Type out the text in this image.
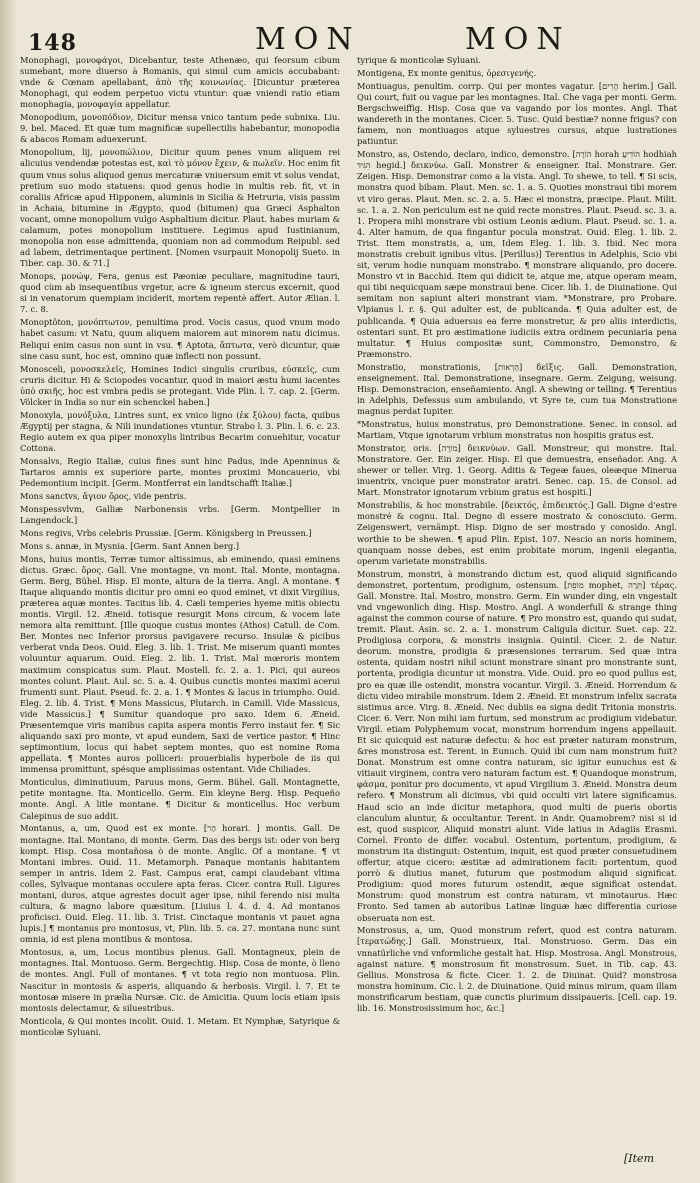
148	MON	MON

Monophagi, μονοφάγοι, Dicebantur, teste Athenæo, qui feorsum cibum sumebant, more diuerso à Romanis, qui simul cum amicis accubabant: vnde & Cœnam apellabant, ἀπὸ τῆς κοινωνίας. [Dicuntur præterea Monophagi, qui eodem perpetuo victu vtuntur: quæ vniendi ratio etiam monophagia, μονοφαγία appellatur.

Monopodium, μονοπόδιον, Dicitur mensa vnico tantum pede subnixa. Liu. 9. bel. Maced. Et quæ tum magnificæ supellectilis habebantur, monopodia & abacos Romam aduexerunt.

Monopolium, lij, μονοπώλιον, Dicitur quum penes vnum aliquem rei alicuius vendendæ potestas est, καὶ τὸ μόνον ἔχειν, & πωλεῖν. Hoc enim fit quum vnus solus aliquod genus mercaturæ vniuersum emit vt solus vendat, pretium suo modo statuens: quod genus hodie in multis reb. fit, vt in coraliis Africæ apud Hipponem, aluminis in Sicilia & Hetruria, visis passim in Achaia, bitumine in Ægypto, quod (bitumen) qua Græci Asphalton vocant, omne monopolium vulgo Asphaltium dicitur. Plaut. habes muriam & calamum, potes monopolium instituere. Legimus apud Iustinianum, monopolia non esse admittenda, quoniam non ad commodum Reipubl. sed ad labem, detrimentaque pertinent. [Nomen vsurpauit Monopolij Sueto. in Tiber. cap. 30. & 71.]

Monops, μονώψ, Fera, genus est Pæoniæ peculiare, magnitudine tauri, quod cùm ab insequentibus vrgetur, acre & igneum stercus excernit, quod si in venatorum quempiam inciderit, mortem repentè affert. Autor Ælian. l. 7. c. 8.

Monoptôton, μονόπτωτον, penultima prod. Vocis casus, quod vnum modo habet casum: vt Natu, quum aliquem maiorem aut minorem natu dicimus. Reliqui enim casus non sunt in vsu. ¶ Aptota, ἄπτωτα, verò dicuntur, quæ sine casu sunt, hoc est, omnino quæ inflecti non possunt.

Monosceli, μονοσκελεῖς, Homines Indici singulis cruribus, εὐσκεῖς, cum cruris dicitur. Hi & Sciopodes vocantur, quod in maiori æstu humi iacentes ὑπὸ σκιῆς, hoc est vmbra pedis se protegant. Vide Plin. l. 7. cap. 2. [Germ. Völcker in India so nur ein schenckel haben.]

Monoxyla, μονόξυλα, Lintres sunt, ex vnico ligno (ἐκ ξύλου) facta, quibus Ægyptij per stagna, & Nili inundationes vtuntur. Strabo l. 3. Plin. l. 6. c. 23. Regio autem ex qua piper monoxylis lintribus Becarim conuehitur, vocatur Cottona.

Monsalvs, Regio Italiæ, cuius fines sunt hinc Padus, inde Apenninus & Tartaros amnis ex superiore parte, montes proximi Moncauerio, vbi Pedemontium incipit. [Germ. Montferrat ein landtschafft Italiæ.]

Mons sanctvs, ἅγιον ὄρος, vide pentris.

Monspessvlvm, Galliæ Narbonensis vrbs. [Germ. Montpellier in Langendock.]

Mons regivs, Vrbs celebris Prussiæ. [Germ. Königsberg in Preussen.]

Mons s. annæ, in Mysnia. [Germ. Sant Annen berg.]

Mons, huius montis, Terræ tumor altissimus, ab eminendo, quasi eminens dictus. Græc. ὄρος. Gall. Vne montagne, vn mont. Ital. Monte, montagna. Germ. Berg, Bühel. Hisp. El monte, altura de la tierra. Angl. A montane. ¶ Itaque aliquando montis dicitur pro omni eo quod eminet, vt dixit Virgilius, præterea aquæ montes. Tacitus lib. 4. Cæli temperies hyeme mitis obiectu montis. Virgil. 12. Æneid. totisque resurgit Mons circum, & vocem late nemora alta remittunt. [Ille quoque custus montes (Athos) Catull. de Com. Ber. Montes nec Inferior prorsus pavigavere recurso. Insulæ & picibus verberat vnda Deos. Ouid. Eleg. 3. lib. 1. Trist. Me miserum quanti montes voluuntur aquarum. Ouid. Eleg. 2. lib. 1. Trist. Mal mœroris montem maximum conspicatus sum. Plaut. Mostell. fc. 2. a. 1. Pici, qui aureos montes colunt. Plaut. Aul. sc. 5. a. 4. Quibus cunctis montes maximi acerui frumenti sunt. Plaut. Pseud. fc. 2. a. 1. ¶ Montes & lacus in triumpho. Ouid. Eleg. 2. lib. 4. Trist. ¶ Mons Massicus, Plutarch. in Camill. Vide Massicus, vide Massicus.] ¶ Sumitur quandoque pro saxo. Idem 6. Æneid. Præsentemque viris manibus capita aspera montis Ferro instaut fer. ¶ Sic aliquando saxi pro monte, vt apud eundem, Saxi de vertice pastor. ¶ Hinc septimontium, locus qui habet septem montes, quo est nomine Roma appellata. ¶ Montes auros polliceri: prouerbialis hyperbole de iis qui immensa promittunt, spésque amplissimas ostentant. Vide Chiliades.

Monticulus, diminutiuum, Paruus mons, Germ. Bühel. Gall. Montagnette, petite montagne. Ita. Monticello. Germ. Ein kleyne Berg. Hisp. Pequeño monte. Angl. A litle montane. ¶ Dicitur & monticellus. Hoc verbum Calepinus de suo addit.

Montanus, a, um, Quod est ex monte. [הַר horari. ] montis. Gall. De montagne. Ital. Montano, di monte. Germ. Das des bergs ist: oder von berg kompt. Hisp. Cosa montañosa ò de monte. Anglic. Of a montane. ¶ vt Montani imbres. Ouid. 11. Metamorph. Panaque montanis habitantem semper in antris. Idem 2. Fast. Campus erat, campi claudebant vltima colles, Sylvaque montanas occulere apta feras. Cicer. contra Rull. Ligures montani, duros, atque agrestes docuit ager ipse, nihil ferendo nisi multa cultura, & magno labore quæsitum. [Liuius l. 4. d. 4. Ad montanos proficisci. Ouid. Eleg. 11. lib. 3. Trist. Cinctaque montanis vt pauet agna lupis.] ¶ montanus pro montosus, vt, Plin. lib. 5. ca. 27. montana nunc sunt omnia, id est plena montibus & montosa.

Montosus, a, um, Locus montibus plenus. Gall. Montagneux, plein de montagnes. Ital. Montuoso. Germ. Bergechtig. Hisp. Cosa de monte, ò lleno de montes. Angl. Full of montanes. ¶ vt tota regio non montuosa. Plin. Nascitur in montosis & asperis, aliquando & herbosis. Virgil. l. 7. Et te montosæ misere in prælia Nursæ. Cic. de Amicitia. Quum locis etiam ipsis montosis delectamur, & siluestribus.

Monticola, & Qui montes incolit. Ouid. 1. Metam. Et Nymphæ, Satyrique & monticolæ Syluani.

tyrique & monticolæ Syluani.

Montigena, Ex monte genitus, ὀρεσιγενής.

Montiuagus, penultim. corrp. Qui per montes vagatur. [הָרִים herim.] Gall. Qui court, fuit ou vague par les montagnes. Ital. Che vaga per monti. Germ. Bergschweiffig. Hisp. Cosa que va vagando por los montes. Angl. That wandereth in the montanes. Cicer. 5. Tusc. Quid bestiæ? nonne frigus? con famem, non montiuagos atque syluestres cursus, atque lustrationes patiuntur.

Monstro, as, Ostendo, declaro, indico, demonstro. [הוֹרָה horah הוֹדִיעַ hodhiah הִגִּיד hegid.] δεικνύω. Gall. Monstrer & enseigner. Ital. Monstrare. Ger. Zeigen. Hisp. Demonstrar como a la vista. Angl. To shewe, to tell. ¶ Si scis, monstra quod bibam. Plaut. Men. sc. 1. a. 5. Quoties monstraui tibi morem vt viro geras. Plaut. Men. sc. 2. a. 5. Hæc ei monstra, præcipe. Plaut. Milit. sc. 1. a. 2. Non periculum est ne quid recte monstres. Plaut. Pseud. sc. 3. a. 1. Propera mihi monstrare vbi ostium Leonis ædium. Plaut. Pseud. sc. 1. a. 4. Alter hamum, de qua fingantur pocula monstrat. Ouid. Eleg. 1. lib. 2. Trist. Item monstratis, a, um, Idem Eleg. 1. lib. 3. Ibid. Nec mora monstratis crebuit ignibus vltus. [Perillus)] Terentius in Adelphis, Scio vbi sit, verum hodie nunquam monstrabo. ¶ monstrare aliquando, pro docere. Monstro vt in Bacchid. Item qui didicit te, atque me, atque operam meam, qui tibi nequicquam sæpe monstraui bene. Cicer. lib. 1. de Diuinatione. Qui semitam non sapiunt alteri monstrant viam. *Monstrare, pro Probare. Vlpianus l. r. §. Qui adulter est, de publicanda. ¶ Quia adulter est, de publicanda. ¶ Quia aduersus ea ferre monstretur, & pro aliis interdictis, ostentari sunt. Et pro æstimatione iudiciis extra ordinem pecuniaria pena multatur. ¶ Huius compositæ sunt, Commonstro, Demonstro, & Præmonstro.

Monstratio, monstrationis, [הַרְאוֹת] δεῖξις. Gall. Demonstration, enseignement. Ital. Demonstratione, insegnare. Germ. Zeigung, weisung. Hisp. Demonstracion, enseñamiento. Angl. A shewing or telling. ¶ Terentius in Adelphis, Defessus sum ambulando, vt Syre te, cum tua Monstratione magnus perdat Iupiter.

*Monstratus, huius monstratus, pro Demonstratione. Senec. in consol. ad Martiam, Vtque ignotarum vrbium monstratus non hospitis gratus est.

Monstrator, oris. [מוֹרֶה] δεικνύων. Gall. Monstreur, qui monstre. Ital. Monstratore. Ger. Ein zeiger. Hisp. El que demuestra, enseñador. Ang. A shewer or teller. Virg. 1. Georg. Aditis & Tegeæ faues, oleæque Minerua inuentrix, vncique puer monstrator aratri. Senec. cap. 15. de Consol. ad Mart. Monstrator ignotarum vrbium gratus est hospiti.]

Monstrabilis, & hoc monstrabile. [δεικτός, ἐπιδεικτός.] Gall. Digne d'estre monstré & cognu. Ital. Degno di essere mostrato & conosciuto. Germ. Zeigenswert, vernämpt. Hisp. Digno de ser mostrado y conosido. Angl. worthie to be shewen. ¶ apud Plin. Epist. 107. Nescio an noris hominem, quanquam nosse debes, est enim probitate morum, ingenii elegantia, operum varietate monstrabilis.

Monstrum, monstri, à monstrando dictum est, quod aliquid significando demonstret, portentum, prodigium, ostensum. [מוֹפֵת mophet, תֵּרָה] τέρας. Gall. Monstre. Ital. Mostro, monstro. Germ. Ein wunder ding, ein vngestalt vnd vngewonlich ding. Hisp. Mostro. Angl. A wonderfull & strange thing against the common course of nature. ¶ Pro monstro est, quando qui sudat, tremit. Plaut. Asin. sc. 2. a. 1. monstrum Caligula dicitur. Suet. cap. 22. Prodigiosa corpora, & monstris insignia. Quintil. Cicer. 2. de Natur. deorum. monstra, prodigia & præsensiones terrarum. Sed quæ intra ostenta, quidam nostri nihil sciunt monstrare sinant pro monstrante sunt, portenta, prodigia dicuntur ut monstra. Vide. Ouid. pro eo quod pullus est, pro ea quæ ille ostendit, monstra vocantur. Virgil. 3. Æneid. Horrendum & dictu video mirabile monstrum. Idem 2. Æneid. Et monstrum infelix sacrata sistimus arce. Virg. 8. Æneid. Nec dubiis ea signa dedit Tritonia monstris. Cicer. 6. Verr. Non mihi iam furtum, sed monstrum ac prodigium videbatur. Virgil. etiam Polyphemum vocat, monstrum horrendum ingens appellauit. Et sic quicquid est naturæ defectu: & hoc est præter naturam monstrum, &res monstrosa est. Terent. in Eunuch. Quid ibi cum nam monstrum fuit? Donat. Monstrum est omne contra naturam, sic igitur eunuchus est & vitiauit virginem, contra vero naturam factum est. ¶ Quandoque monstrum, φάσμα, ponitur pro documento, vt apud Virgilium 3. Æneid. Monstra deum refero. ¶ Monstrum ali dicimus, vbi quid occulti viri latere significamus. Haud scio an inde dicitur metaphora, quod multi de pueris obortis clanculum aluntur, & occultantur. Terent. in Andr. Quamobrem? nisi si id est, quod suspicor, Aliquid monstri alunt. Vide latius in Adagiis Erasmi. Cornel. Fronto de differ. vocabul. Ostentum, portentum, prodigium, & monstrum ita distinguit: Ostentum, inquit, est quod præter consuetudinem offertur, atque cicero: æstitæ ad admirationem facit: portentum, quod porrò & diutius manet, futurum que postmodum aliquid significat. Prodigium: quod mores futurum ostendit, æque significat ostendat. Monstrum: quod monstrum est contra naturam, vt minotaurus. Hæc Fronto. Sed tamen ab autoribus Latinæ linguæ hæc differentia curiose obseruata non est.

Monstrosus, a, um, Quod monstrum refert, quod est contra naturam. [τερατώδης.] Gall. Monstrueux, Ital. Monstruoso. Germ. Das ein vnnatürliche vnd vnformliche gestalt hat. Hisp. Mostrosa. Angl. Monstrous, against nature. ¶ monstrosum fit monstrosum. Suet. in Tib. cap. 43. Gellius. Monstrosa & ficte. Cicer. 1. 2. de Diuinat. Quid? monstrosa monstra hominum. Cic. l. 2. de Diuinatione. Quid minus mirum, quam illam monstrificarum bestiam, quæ cunctis plurimum dissipaueris. [Cell. cap. 19. lib. 16. Monstrosissimum hoc, &c.]

[Item
